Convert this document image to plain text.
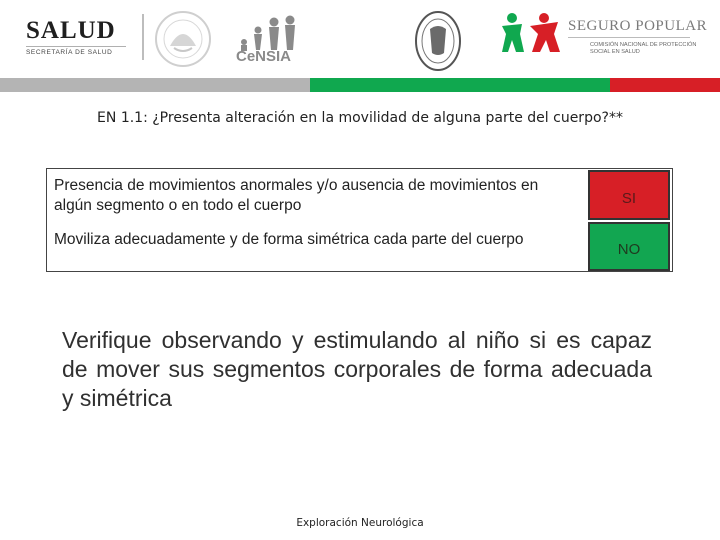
SALUD
SECRETARÍA DE SALUD	CeNSIA
SEGURO POPULAR
COMISIÓN NACIONAL DE PROTECCIÓN SOCIAL EN SALUD
EN 1.1: ¿Presenta alteración en la movilidad de alguna parte del cuerpo?**
Presencia de movimientos anormales y/o ausencia de movimientos en algún segmento o en todo el cuerpo	SI
Moviliza adecuadamente y de forma simétrica cada parte del cuerpo
NO
Verifique observando y estimulando al niño si es capaz de mover sus segmentos corporales de forma adecuada y simétrica
Exploración Neurológica
